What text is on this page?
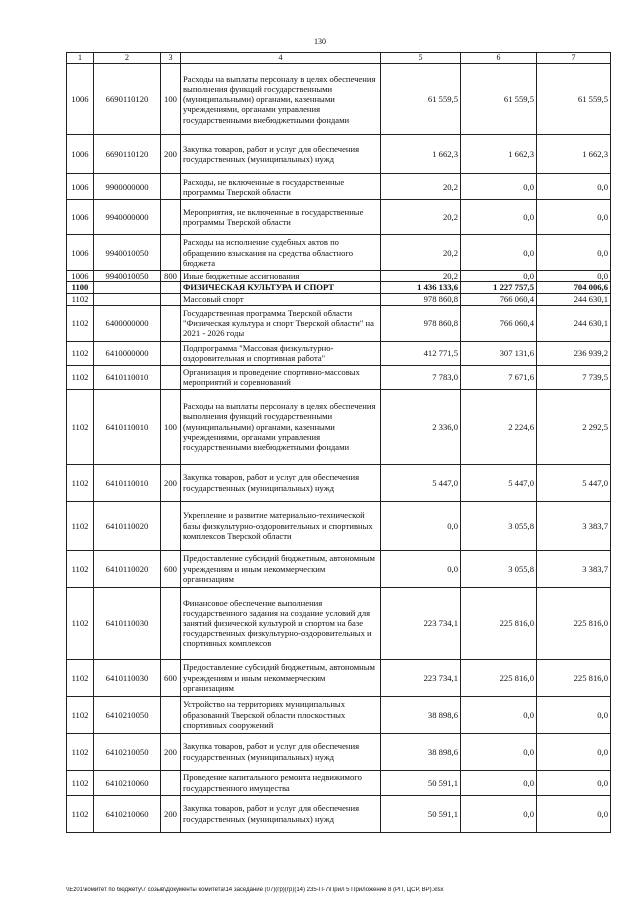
130
1	2	3	4	5	6	7
1006	6690110120	100	Расходы на выплаты персоналу в целях обеспечения выполнения функций государственными (муниципальными) органами, казенными учреждениями, органами управления государственными внебюджетными фондами	61 559,5	61 559,5	61 559,5
1006	6690110120	200	Закупка товаров, работ и услуг для обеспечения государственных (муниципальных) нужд	1 662,3	1 662,3	1 662,3
1006	9900000000		Расходы, не включенные в государственные программы Тверской области	20,2	0,0	0,0
1006	9940000000		Мероприятия, не включенные в государственные программы Тверской области	20,2	0,0	0,0
1006	9940010050		Расходы на исполнение судебных актов по обращению взыскания на средства областного бюджета	20,2	0,0	0,0
1006	9940010050	800	Иные бюджетные ассигнования	20,2	0,0	0,0
1100			ФИЗИЧЕСКАЯ КУЛЬТУРА И СПОРТ	1 436 133,6	1 227 757,5	704 006,6
1102			Массовый спорт	978 860,8	766 060,4	244 630,1
1102	6400000000		Государственная программа Тверской области "Физическая культура и спорт Тверской области" на 2021 - 2026 годы	978 860,8	766 060,4	244 630,1
1102	6410000000		Подпрограмма "Массовая физкультурно-оздоровительная и спортивная работа"	412 771,5	307 131,6	236 939,2
1102	6410110010		Организация и проведение спортивно-массовых мероприятий и соревнований	7 783,0	7 671,6	7 739,5
1102	6410110010	100	Расходы на выплаты персоналу в целях обеспечения выполнения функций государственными (муниципальными) органами, казенными учреждениями, органами управления государственными внебюджетными фондами	2 336,0	2 224,6	2 292,5
1102	6410110010	200	Закупка товаров, работ и услуг для обеспечения государственных (муниципальных) нужд	5 447,0	5 447,0	5 447,0
1102	6410110020		Укрепление и развитие материально-технической базы физкультурно-оздоровительных и спортивных комплексов Тверской области	0,0	3 055,8	3 383,7
1102	6410110020	600	Предоставление субсидий бюджетным, автономным учреждениям и иным некоммерческим организациям	0,0	3 055,8	3 383,7
1102	6410110030		Финансовое обеспечение выполнения государственного задания на создание условий для занятий физической культурой и спортом на базе государственных физкультурно-оздоровительных и спортивных комплексов	223 734,1	225 816,0	225 816,0
1102	6410110030	600	Предоставление субсидий бюджетным, автономным учреждениям и иным некоммерческим организациям	223 734,1	225 816,0	225 816,0
1102	6410210050		Устройство на территориях муниципальных образований Тверской области плоскостных спортивных сооружений	38 898,6	0,0	0,0
1102	6410210050	200	Закупка товаров, работ и услуг для обеспечения государственных (муниципальных) нужд	38 898,6	0,0	0,0
1102	6410210060		Проведение капитального ремонта недвижимого государственного имущества	50 591,1	0,0	0,0
1102	6410210060	200	Закупка товаров, работ и услуг для обеспечения государственных (муниципальных) нужд	50 591,1	0,0	0,0
\\Ez01\комитет по бюджету\7 созыв\Документы комитета\14 заседание (07)(гр)(гр)(14) 235-П-7\Прил 5 Приложение 8 (РП, ЦСР, ВР).xlsx
